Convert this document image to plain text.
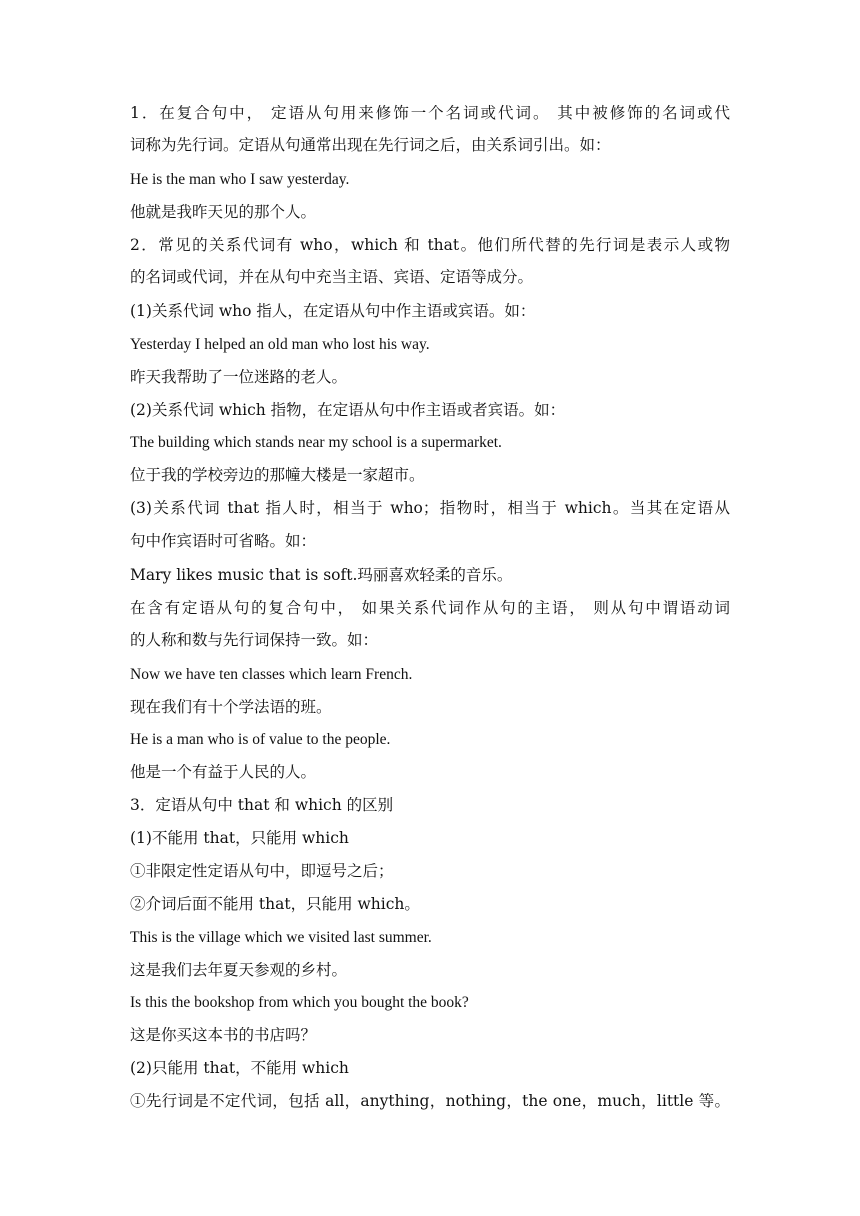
1．在复合句中， 定语从句用来修饰一个名词或代词。 其中被修饰的名词或代
词称为先行词。定语从句通常出现在先行词之后，由关系词引出。如：
He is the man who I saw yesterday.
他就是我昨天见的那个人。
2．常见的关系代词有 who，which 和 that。他们所代替的先行词是表示人或物
的名词或代词，并在从句中充当主语、宾语、定语等成分。
(1)关系代词 who 指人，在定语从句中作主语或宾语。如：
Yesterday I helped an old man who lost his way.
昨天我帮助了一位迷路的老人。
(2)关系代词 which 指物，在定语从句中作主语或者宾语。如：
The building which stands near my school is a supermarket.
位于我的学校旁边的那幢大楼是一家超市。
(3)关系代词 that 指人时，相当于 who；指物时，相当于 which。当其在定语从
句中作宾语时可省略。如：
Mary likes music that is soft.玛丽喜欢轻柔的音乐。
在含有定语从句的复合句中， 如果关系代词作从句的主语， 则从句中谓语动词
的人称和数与先行词保持一致。如：
Now we have ten classes which learn French.
现在我们有十个学法语的班。
He is a man who is of value to the people.
他是一个有益于人民的人。
3．定语从句中 that 和 which 的区别
(1)不能用 that，只能用 which
①非限定性定语从句中，即逗号之后；
②介词后面不能用 that，只能用 which。
This is the village which we visited last summer.
这是我们去年夏天参观的乡村。
Is this the bookshop from which you bought the book?
这是你买这本书的书店吗？
(2)只能用 that，不能用 which
①先行词是不定代词，包括 all，anything，nothing，the one，much，little 等。
